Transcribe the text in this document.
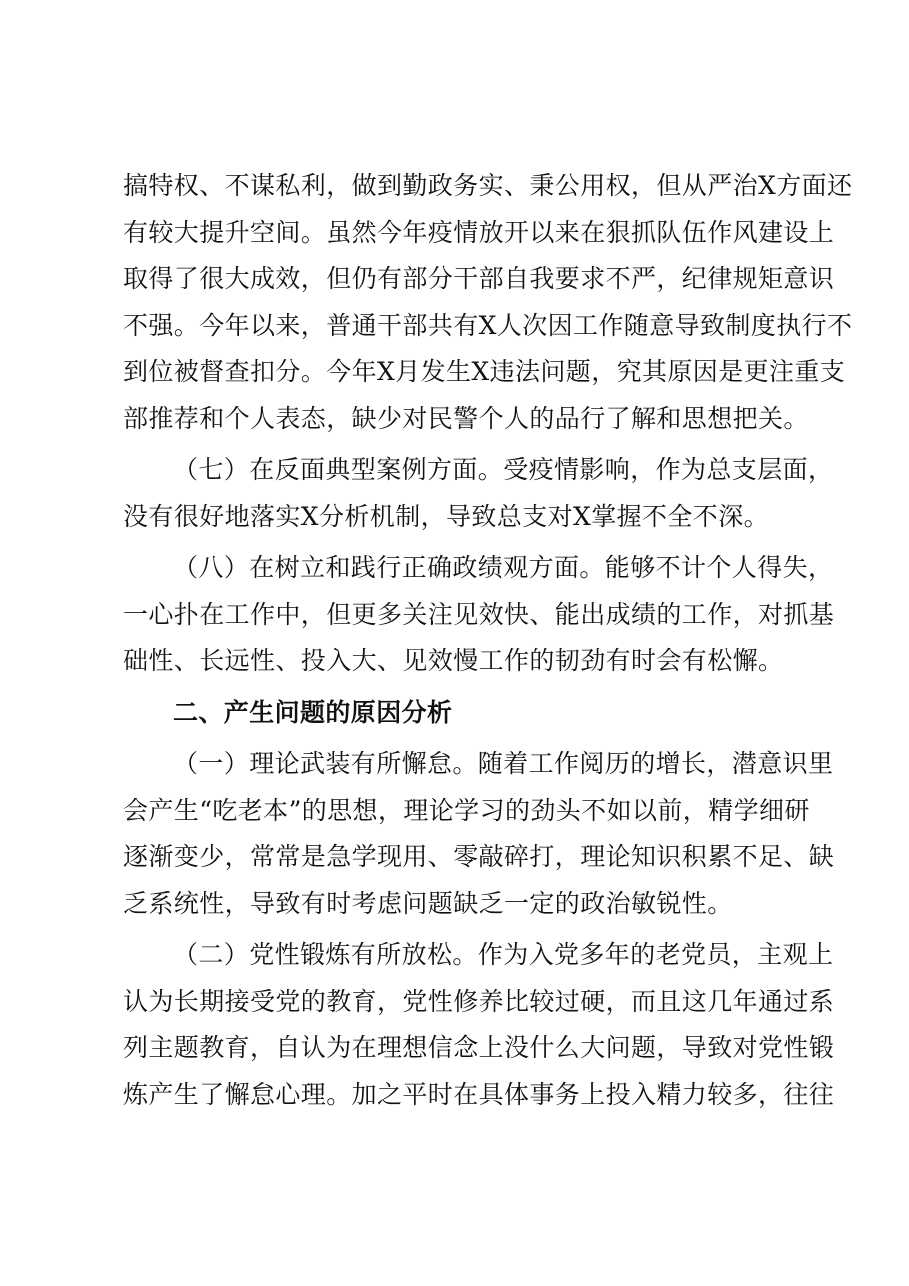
搞特权、不谋私利，做到勤政务实、秉公用权，但从严治X方面还
有较大提升空间。虽然今年疫情放开以来在狠抓队伍作风建设上
取得了很大成效，但仍有部分干部自我要求不严，纪律规矩意识
不强。今年以来，普通干部共有X人次因工作随意导致制度执行不
到位被督查扣分。今年X月发生X违法问题，究其原因是更注重支
部推荐和个人表态，缺少对民警个人的品行了解和思想把关。
（七）在反面典型案例方面。受疫情影响，作为总支层面，
没有很好地落实X分析机制，导致总支对X掌握不全不深。
（八）在树立和践行正确政绩观方面。能够不计个人得失，
一心扑在工作中，但更多关注见效快、能出成绩的工作，对抓基
础性、长远性、投入大、见效慢工作的韧劲有时会有松懈。
二、产生问题的原因分析
（一）理论武装有所懈怠。随着工作阅历的增长，潜意识里
会产生“吃老本”的思想，理论学习的劲头不如以前，精学细研
逐渐变少，常常是急学现用、零敲碎打，理论知识积累不足、缺
乏系统性，导致有时考虑问题缺乏一定的政治敏锐性。
（二）党性锻炼有所放松。作为入党多年的老党员，主观上
认为长期接受党的教育，党性修养比较过硬，而且这几年通过系
列主题教育，自认为在理想信念上没什么大问题，导致对党性锻
炼产生了懈怠心理。加之平时在具体事务上投入精力较多，往往
